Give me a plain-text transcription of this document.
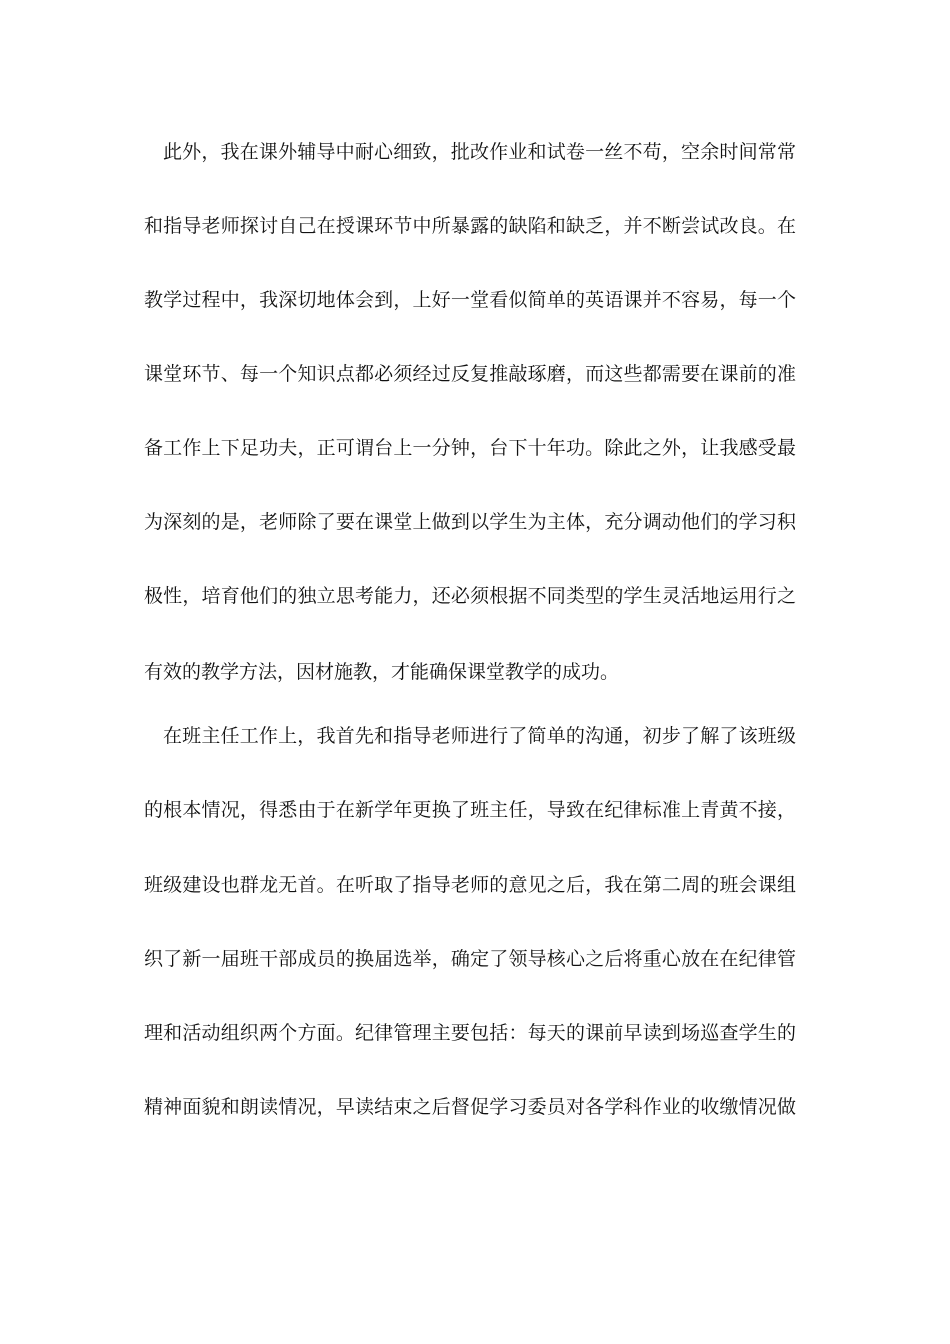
此外，我在课外辅导中耐心细致，批改作业和试卷一丝不苟，空余时间常常
和指导老师探讨自己在授课环节中所暴露的缺陷和缺乏，并不断尝试改良。在
教学过程中，我深切地体会到，上好一堂看似简单的英语课并不容易，每一个
课堂环节、每一个知识点都必须经过反复推敲琢磨，而这些都需要在课前的准
备工作上下足功夫，正可谓台上一分钟，台下十年功。除此之外，让我感受最
为深刻的是，老师除了要在课堂上做到以学生为主体，充分调动他们的学习积
极性，培育他们的独立思考能力，还必须根据不同类型的学生灵活地运用行之
有效的教学方法，因材施教，才能确保课堂教学的成功。
在班主任工作上，我首先和指导老师进行了简单的沟通，初步了解了该班级
的根本情况，得悉由于在新学年更换了班主任，导致在纪律标准上青黄不接，
班级建设也群龙无首。在听取了指导老师的意见之后，我在第二周的班会课组
织了新一届班干部成员的换届选举，确定了领导核心之后将重心放在在纪律管
理和活动组织两个方面。纪律管理主要包括：每天的课前早读到场巡查学生的
精神面貌和朗读情况，早读结束之后督促学习委员对各学科作业的收缴情况做
